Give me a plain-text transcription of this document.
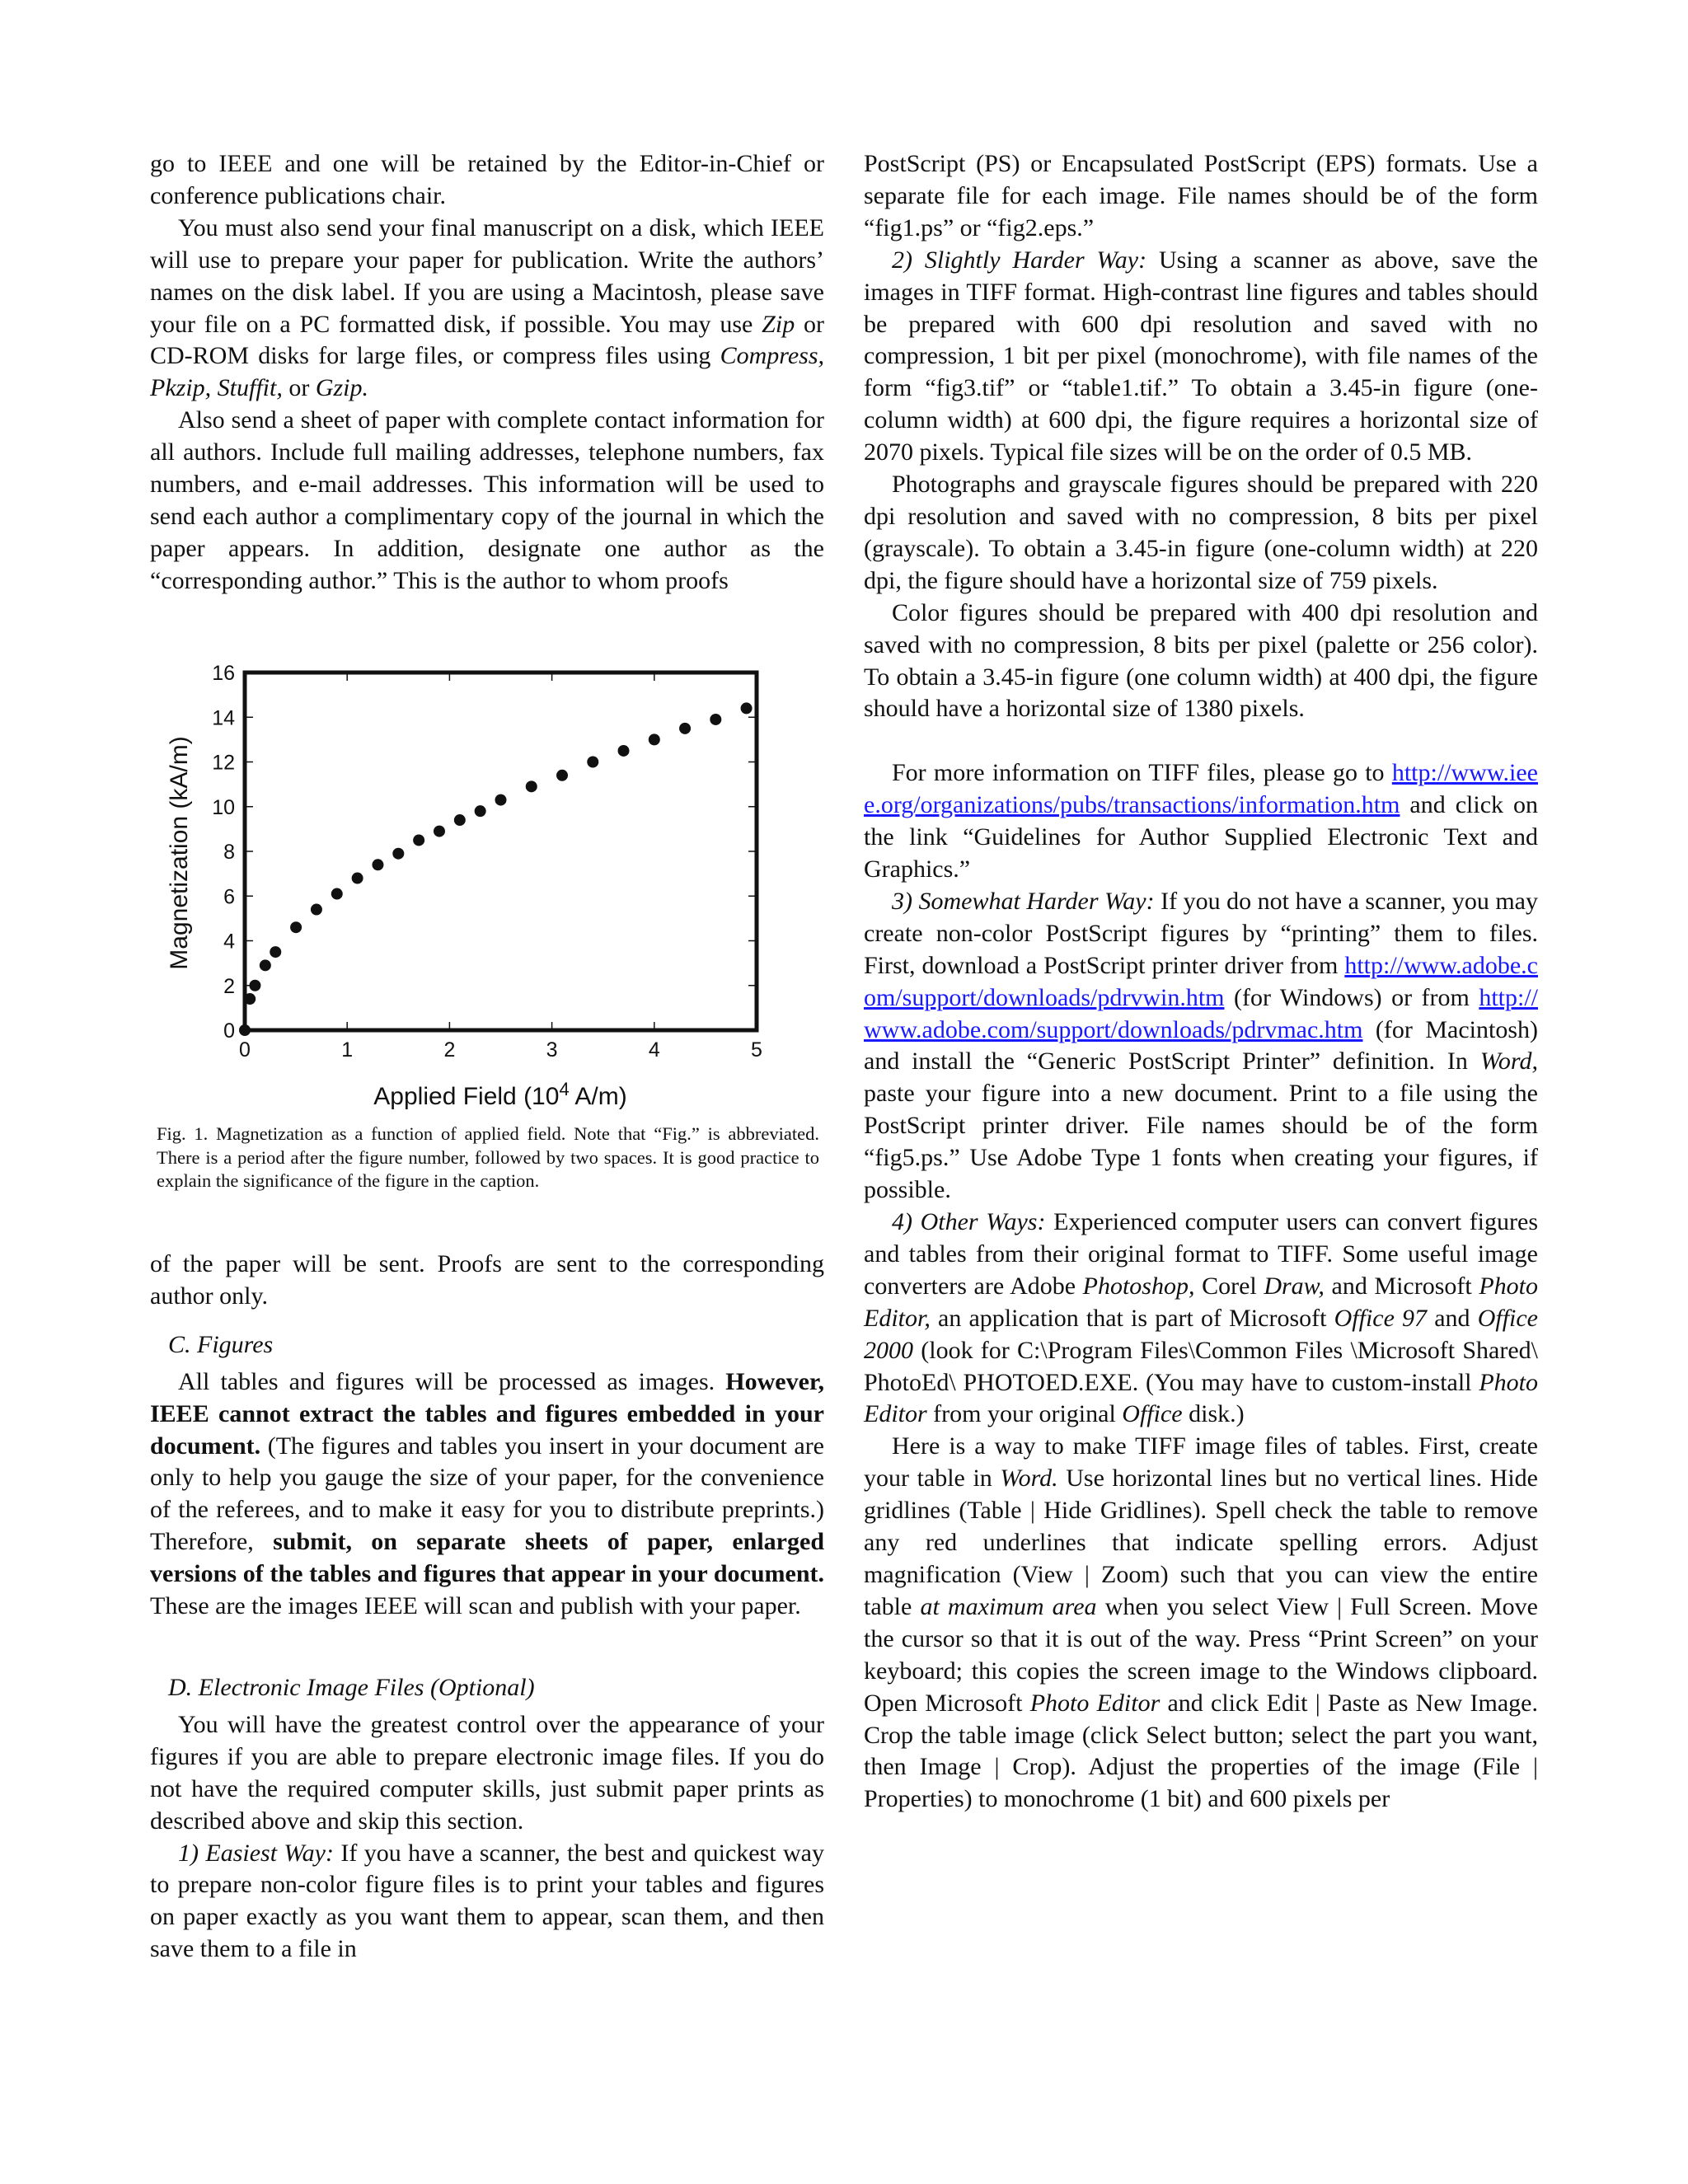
go to IEEE and one will be retained by the Editor-in-Chief or conference publications chair.

You must also send your final manuscript on a disk, which IEEE will use to prepare your paper for publication. Write the authors’ names on the disk label. If you are using a Macintosh, please save your file on a PC formatted disk, if possible. You may use Zip or CD-ROM disks for large files, or compress files using Compress, Pkzip, Stuffit, or Gzip.

Also send a sheet of paper with complete contact information for all authors. Include full mailing addresses, telephone numbers, fax numbers, and e-mail addresses. This information will be used to send each author a complimentary copy of the journal in which the paper appears. In addition, designate one author as the “corresponding author.” This is the author to whom proofs

0	1	2	3	4	5
0
2
4
6
8
10
12
14
16
Magnetization (kA/m)
Applied Field ($10^4$ A/m)
Fig. 1. Magnetization as a function of applied field. Note that “Fig.” is abbreviated. There is a period after the figure number, followed by two spaces. It is good practice to explain the significance of the figure in the caption.

of the paper will be sent. Proofs are sent to the corresponding author only.

C. Figures

All tables and figures will be processed as images. However, IEEE cannot extract the tables and figures embedded in your document. (The figures and tables you insert in your document are only to help you gauge the size of your paper, for the convenience of the referees, and to make it easy for you to distribute preprints.) Therefore, submit, on separate sheets of paper, enlarged versions of the tables and figures that appear in your document. These are the images IEEE will scan and publish with your paper.

D. Electronic Image Files (Optional)

You will have the greatest control over the appearance of your figures if you are able to prepare electronic image files. If you do not have the required computer skills, just submit paper prints as described above and skip this section.

1) Easiest Way: If you have a scanner, the best and quickest way to prepare non-color figure files is to print your tables and figures on paper exactly as you want them to appear, scan them, and then save them to a file in

PostScript (PS) or Encapsulated PostScript (EPS) formats. Use a separate file for each image. File names should be of the form “fig1.ps” or “fig2.eps.”

2) Slightly Harder Way: Using a scanner as above, save the images in TIFF format. High-contrast line figures and tables should be prepared with 600 dpi resolution and saved with no compression, 1 bit per pixel (monochrome), with file names of the form “fig3.tif” or “table1.tif.” To obtain a 3.45-in figure (one-column width) at 600 dpi, the figure requires a horizontal size of 2070 pixels. Typical file sizes will be on the order of 0.5 MB.

Photographs and grayscale figures should be prepared with 220 dpi resolution and saved with no compression, 8 bits per pixel (grayscale). To obtain a 3.45-in figure (one-column width) at 220 dpi, the figure should have a horizontal size of 759 pixels.

Color figures should be prepared with 400 dpi resolution and saved with no compression, 8 bits per pixel (palette or 256 color). To obtain a 3.45-in figure (one column width) at 400 dpi, the figure should have a horizontal size of 1380 pixels.

For more information on TIFF files, please go to http://www.ieee.org/organizations/pubs/transactions/information.htm and click on the link “Guidelines for Author Supplied Electronic Text and Graphics.”

3) Somewhat Harder Way: If you do not have a scanner, you may create non-color PostScript figures by “printing” them to files. First, download a PostScript printer driver from http://www.adobe.com/support/downloads/pdrvwin.htm (for Windows) or from http://www.adobe.com/support/downloads/pdrvmac.htm (for Macintosh) and install the “Generic PostScript Printer” definition. In Word, paste your figure into a new document. Print to a file using the PostScript printer driver. File names should be of the form “fig5.ps.” Use Adobe Type 1 fonts when creating your figures, if possible.

4) Other Ways: Experienced computer users can convert figures and tables from their original format to TIFF. Some useful image converters are Adobe Photoshop, Corel Draw, and Microsoft Photo Editor, an application that is part of Microsoft Office 97 and Office 2000 (look for C:\Program Files\Common Files \Microsoft Shared\ PhotoEd\ PHOTOED.EXE. (You may have to custom-install Photo Editor from your original Office disk.)

Here is a way to make TIFF image files of tables. First, create your table in Word. Use horizontal lines but no vertical lines. Hide gridlines (Table | Hide Gridlines). Spell check the table to remove any red underlines that indicate spelling errors. Adjust magnification (View | Zoom) such that you can view the entire table at maximum area when you select View | Full Screen. Move the cursor so that it is out of the way. Press “Print Screen” on your keyboard; this copies the screen image to the Windows clipboard. Open Microsoft Photo Editor and click Edit | Paste as New Image. Crop the table image (click Select button; select the part you want, then Image | Crop). Adjust the properties of the image (File | Properties) to monochrome (1 bit) and 600 pixels per
